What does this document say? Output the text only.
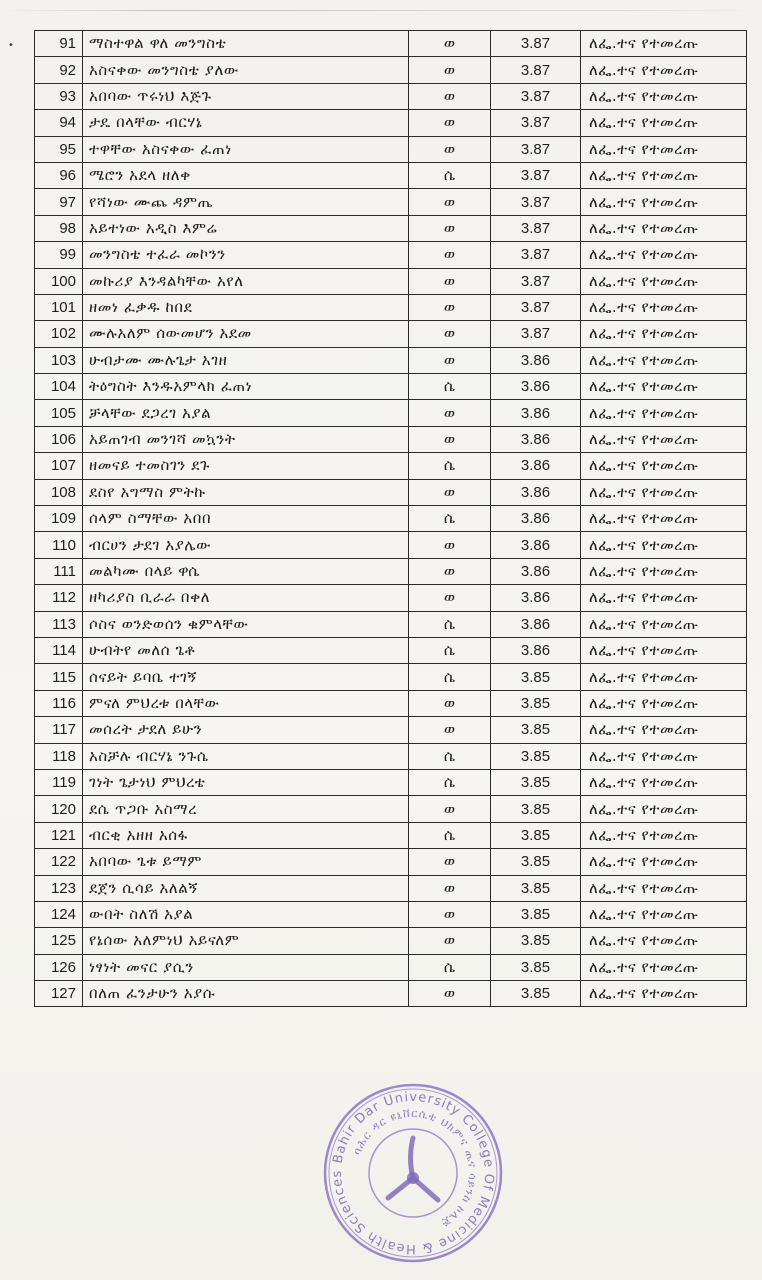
•	91	ማስተዋል ዋለ መንግስቴ	ወ	3.87	ለፌ.ተና የተመረጡ
92	አስናቀው መንግስቴ ያለው	ወ	3.87	ለፌ.ተና የተመረጡ
93	አበባው ጥሩነህ እጅጉ	ወ	3.87	ለፌ.ተና የተመረጡ
94	ታዴ በላቸው ብርሃኔ	ወ	3.87	ለፌ.ተና የተመረጡ
95	ተዋቸው አስናቀው ፈጠነ	ወ	3.87	ለፌ.ተና የተመረጡ
96	ሜሮን አደላ ዘለቀ	ሴ	3.87	ለፌ.ተና የተመረጡ
97	የሻነው ሙጨ ዳምጤ	ወ	3.87	ለፌ.ተና የተመረጡ
98	አይተነው አዲስ እምሬ	ወ	3.87	ለፌ.ተና የተመረጡ
99	መንግስቴ ተፈራ መኮንን	ወ	3.87	ለፌ.ተና የተመረጡ
100	መኩሪያ እንዳልካቸው አየለ	ወ	3.87	ለፌ.ተና የተመረጡ
101	ዘመነ ፈቃዱ ከበደ	ወ	3.87	ለፌ.ተና የተመረጡ
102	ሙሉአለም ሰውመሆን አደመ	ወ	3.87	ለፌ.ተና የተመረጡ
103	ሁብታሙ ሙሉጌታ አገዘ	ወ	3.86	ለፌ.ተና የተመረጡ
104	ትዕግስት እንዱአምላክ ፈጠነ	ሴ	3.86	ለፌ.ተና የተመረጡ
105	ቻላቸው ደጋረገ አያል	ወ	3.86	ለፌ.ተና የተመረጡ
106	አይጠገብ መንገሻ መኳንት	ወ	3.86	ለፌ.ተና የተመረጡ
107	ዘመናይ ተመስገን ደጉ	ሴ	3.86	ለፌ.ተና የተመረጡ
108	ደስየ አግማስ ምትኩ	ወ	3.86	ለፌ.ተና የተመረጡ
109	ሰላም ስማቸው አበበ	ሴ	3.86	ለፌ.ተና የተመረጡ
110	ብርሀን ታደገ አያሌው	ወ	3.86	ለፌ.ተና የተመረጡ
111	መልካሙ በላይ ዋሴ	ወ	3.86	ለፌ.ተና የተመረጡ
112	ዘካሪያስ ቢራራ በቀለ	ወ	3.86	ለፌ.ተና የተመረጡ
113	ሶስና ወንድወሰን ቁምላቸው	ሴ	3.86	ለፌ.ተና የተመረጡ
114	ሁብትየ መለሰ ጌቶ	ሴ	3.86	ለፌ.ተና የተመረጡ
115	ሰናይት ይባቤ ተገኝ	ሴ	3.85	ለፌ.ተና የተመረጡ
116	ምናለ ምህረቱ በላቸው	ወ	3.85	ለፌ.ተና የተመረጡ
117	መሰረት ታደለ ይሁን	ወ	3.85	ለፌ.ተና የተመረጡ
118	አስቻሉ ብርሃኔ ንጉሴ	ሴ	3.85	ለፌ.ተና የተመረጡ
119	ገነት ጌታነህ ምህረቴ	ሴ	3.85	ለፌ.ተና የተመረጡ
120	ደሴ ጥጋቡ አስማረ	ወ	3.85	ለፌ.ተና የተመረጡ
121	ብርቂ አዘዘ አሰፋ	ሴ	3.85	ለፌ.ተና የተመረጡ
122	አበባው ጌቱ ይማም	ወ	3.85	ለፌ.ተና የተመረጡ
123	ደጀን ሲሳይ አለልኝ	ወ	3.85	ለፌ.ተና የተመረጡ
124	ውበት ስለሽ አያል	ወ	3.85	ለፌ.ተና የተመረጡ
125	የኔሰው አለምነህ አይናለም	ወ	3.85	ለፌ.ተና የተመረጡ
126	ነፃነት መናር ያሲን	ሴ	3.85	ለፌ.ተና የተመረጡ
127	በለጠ ፈንታሁን አያሱ	ወ	3.85	ለፌ.ተና የተመረጡ
Bahir Dar University College Of Medicine & Health Sciences
ባሕር ዳር ዩኒቨርሲቲ ህክምና ጤና ሳይንስ ኮሌጅ
